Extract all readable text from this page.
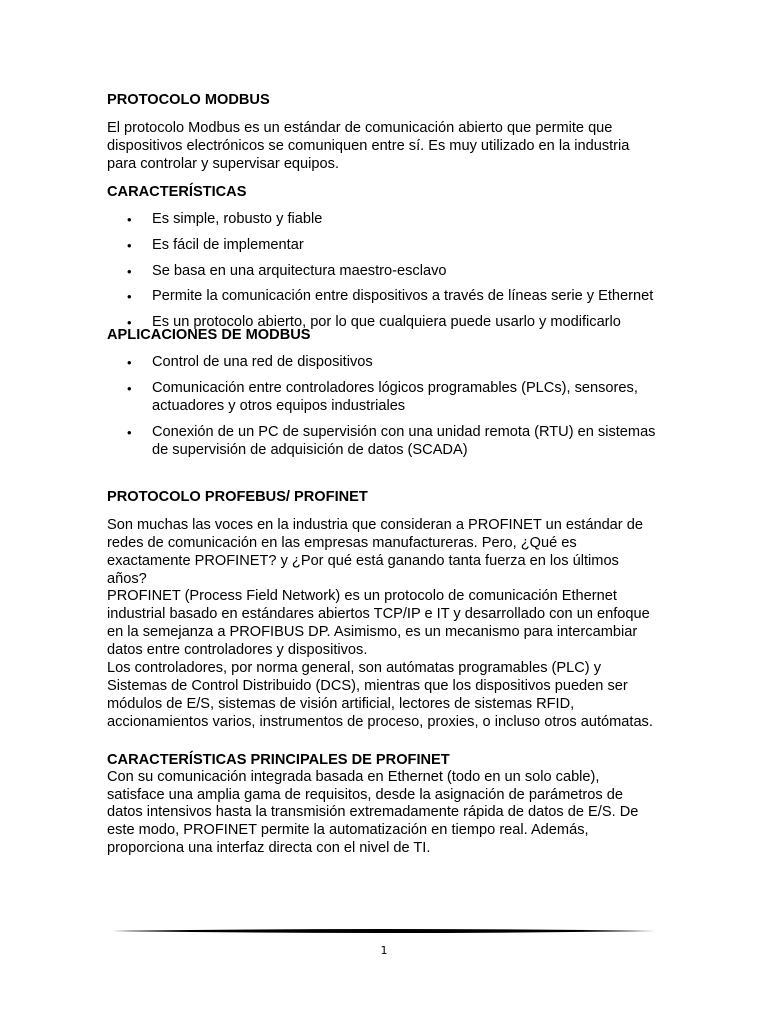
PROTOCOLO MODBUS

El protocolo Modbus es un estándar de comunicación abierto que permite que dispositivos electrónicos se comuniquen entre sí. Es muy utilizado en la industria para controlar y supervisar equipos.

CARACTERÍSTICAS
• Es simple, robusto y fiable
• Es fácil de implementar
• Se basa en una arquitectura maestro-esclavo
• Permite la comunicación entre dispositivos a través de líneas serie y Ethernet
• Es un protocolo abierto, por lo que cualquiera puede usarlo y modificarlo
APLICACIONES DE MODBUS
• Control de una red de dispositivos
• Comunicación entre controladores lógicos programables (PLCs), sensores, actuadores y otros equipos industriales
• Conexión de un PC de supervisión con una unidad remota (RTU) en sistemas de supervisión de adquisición de datos (SCADA)
PROTOCOLO PROFEBUS/ PROFINET

Son muchas las voces en la industria que consideran a PROFINET un estándar de redes de comunicación en las empresas manufactureras. Pero, ¿Qué es exactamente PROFINET? y ¿Por qué está ganando tanta fuerza en los últimos años?

PROFINET (Process Field Network) es un protocolo de comunicación Ethernet industrial basado en estándares abiertos TCP/IP e IT y desarrollado con un enfoque en la semejanza a PROFIBUS DP. Asimismo, es un mecanismo para intercambiar datos entre controladores y dispositivos.

Los controladores, por norma general, son autómatas programables (PLC) y Sistemas de Control Distribuido (DCS), mientras que los dispositivos pueden ser módulos de E/S, sistemas de visión artificial, lectores de sistemas RFID, accionamientos varios, instrumentos de proceso, proxies, o incluso otros autómatas.

CARACTERÍSTICAS PRINCIPALES DE PROFINET

Con su comunicación integrada basada en Ethernet (todo en un solo cable), satisface una amplia gama de requisitos, desde la asignación de parámetros de datos intensivos hasta la transmisión extremadamente rápida de datos de E/S. De este modo, PROFINET permite la automatización en tiempo real. Además, proporciona una interfaz directa con el nivel de TI.

1
